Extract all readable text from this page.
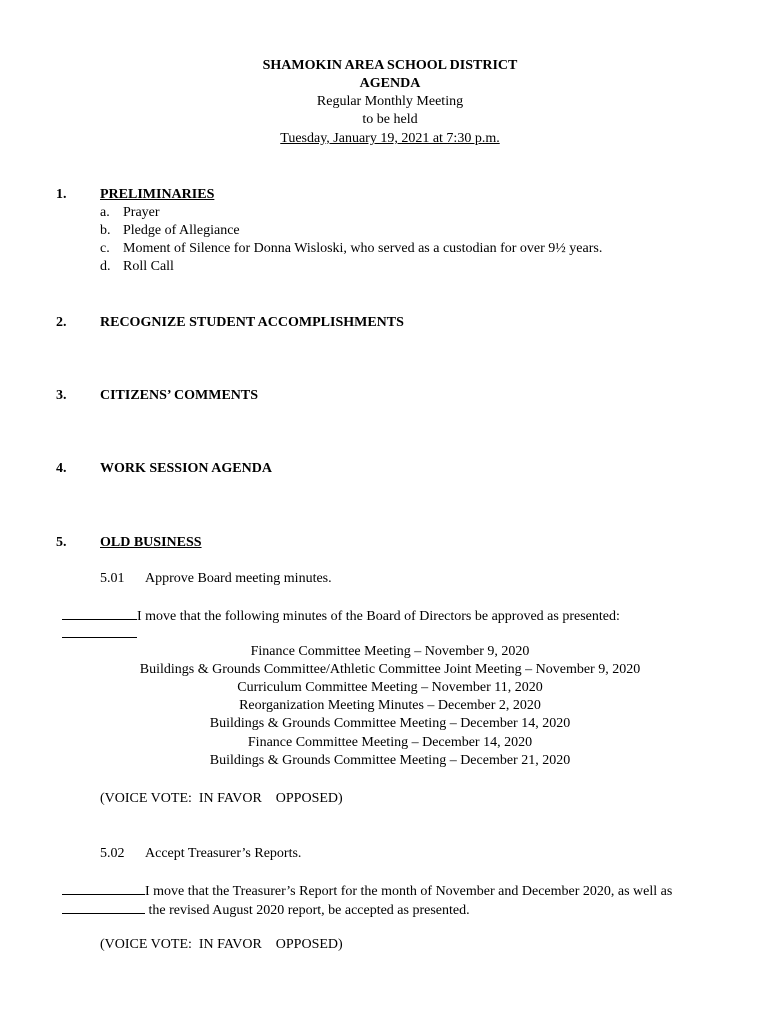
SHAMOKIN AREA SCHOOL DISTRICT
AGENDA
Regular Monthly Meeting
to be held
Tuesday, January 19, 2021 at 7:30 p.m.
1. PRELIMINARIES
a. Prayer
b. Pledge of Allegiance
c. Moment of Silence for Donna Wisloski, who served as a custodian for over 9½ years.
d. Roll Call
2. RECOGNIZE STUDENT ACCOMPLISHMENTS
3. CITIZENS’ COMMENTS
4. WORK SESSION AGENDA
5. OLD BUSINESS
5.01 Approve Board meeting minutes.
I move that the following minutes of the Board of Directors be approved as presented:
Finance Committee Meeting – November 9, 2020
Buildings & Grounds Committee/Athletic Committee Joint Meeting – November 9, 2020
Curriculum Committee Meeting – November 11, 2020
Reorganization Meeting Minutes – December 2, 2020
Buildings & Grounds Committee Meeting – December 14, 2020
Finance Committee Meeting – December 14, 2020
Buildings & Grounds Committee Meeting – December 21, 2020
(VOICE VOTE:  IN FAVOR    OPPOSED)
5.02 Accept Treasurer’s Reports.
I move that the Treasurer’s Report for the month of November and December 2020, as well as
the revised August 2020 report, be accepted as presented.
(VOICE VOTE:  IN FAVOR    OPPOSED)
